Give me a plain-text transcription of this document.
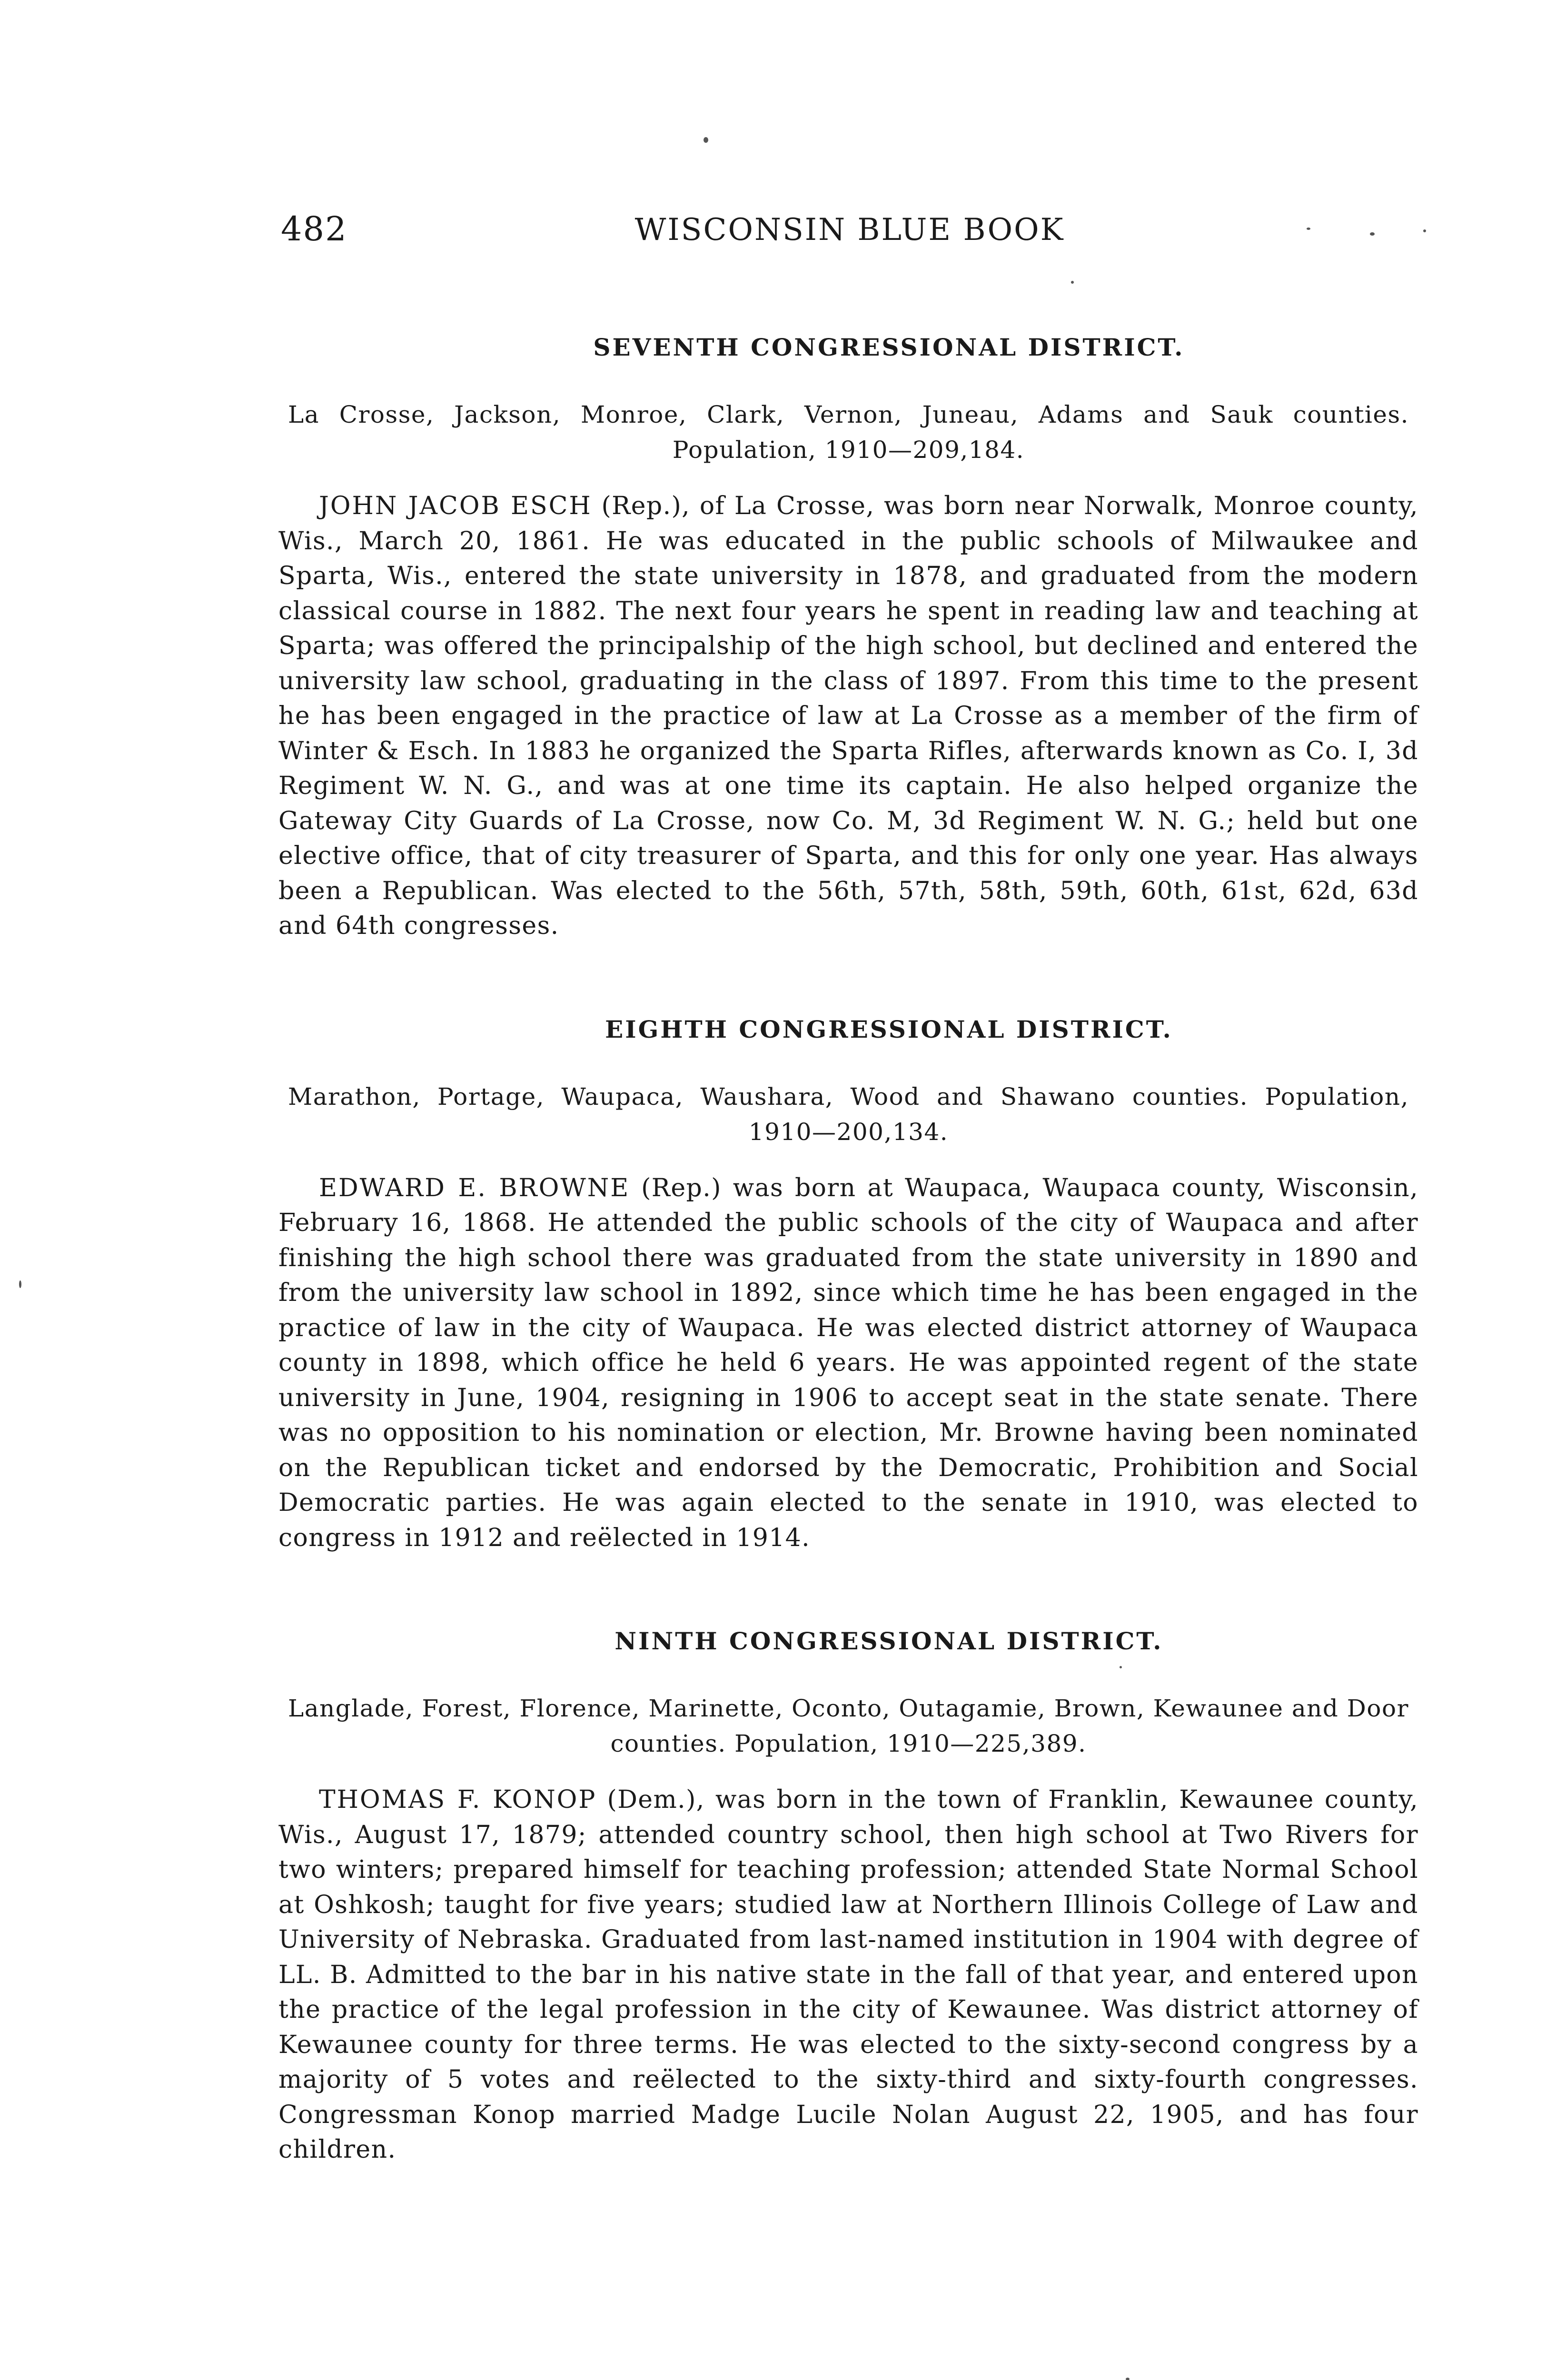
482	WISCONSIN BLUE BOOK
SEVENTH CONGRESSIONAL DISTRICT.

La Crosse, Jackson, Monroe, Clark, Vernon, Juneau, Adams and Sauk counties. Population, 1910—209,184.

JOHN JACOB ESCH (Rep.), of La Crosse, was born near Norwalk, Monroe county, Wis., March 20, 1861. He was educated in the public schools of Milwaukee and Sparta, Wis., entered the state university in 1878, and graduated from the modern classical course in 1882. The next four years he spent in reading law and teaching at Sparta; was offered the principalship of the high school, but declined and entered the university law school, graduating in the class of 1897. From this time to the present he has been engaged in the practice of law at La Crosse as a member of the firm of Winter & Esch. In 1883 he organized the Sparta Rifles, afterwards known as Co. I, 3d Regiment W. N. G., and was at one time its captain. He also helped organize the Gateway City Guards of La Crosse, now Co. M, 3d Regiment W. N. G.; held but one elective office, that of city treasurer of Sparta, and this for only one year. Has always been a Republican. Was elected to the 56th, 57th, 58th, 59th, 60th, 61st, 62d, 63d and 64th congresses.

EIGHTH CONGRESSIONAL DISTRICT.

Marathon, Portage, Waupaca, Waushara, Wood and Shawano counties. Population, 1910—200,134.

EDWARD E. BROWNE (Rep.) was born at Waupaca, Waupaca county, Wisconsin, February 16, 1868. He attended the public schools of the city of Waupaca and after finishing the high school there was graduated from the state university in 1890 and from the university law school in 1892, since which time he has been engaged in the practice of law in the city of Waupaca. He was elected district attorney of Waupaca county in 1898, which office he held 6 years. He was appointed regent of the state university in June, 1904, resigning in 1906 to accept seat in the state senate. There was no opposition to his nomination or election, Mr. Browne having been nominated on the Republican ticket and endorsed by the Democratic, Prohibition and Social Democratic parties. He was again elected to the senate in 1910, was elected to congress in 1912 and reëlected in 1914.

NINTH CONGRESSIONAL DISTRICT.

Langlade, Forest, Florence, Marinette, Oconto, Outagamie, Brown, Kewaunee and Door counties. Population, 1910—225,389.

THOMAS F. KONOP (Dem.), was born in the town of Franklin, Kewaunee county, Wis., August 17, 1879; attended country school, then high school at Two Rivers for two winters; prepared himself for teaching profession; attended State Normal School at Oshkosh; taught for five years; studied law at Northern Illinois College of Law and University of Nebraska. Graduated from last-named institution in 1904 with degree of LL. B. Admitted to the bar in his native state in the fall of that year, and entered upon the practice of the legal profession in the city of Kewaunee. Was district attorney of Kewaunee county for three terms. He was elected to the sixty-second congress by a majority of 5 votes and reëlected to the sixty-third and sixty-fourth congresses. Congressman Konop married Madge Lucile Nolan August 22, 1905, and has four children.
